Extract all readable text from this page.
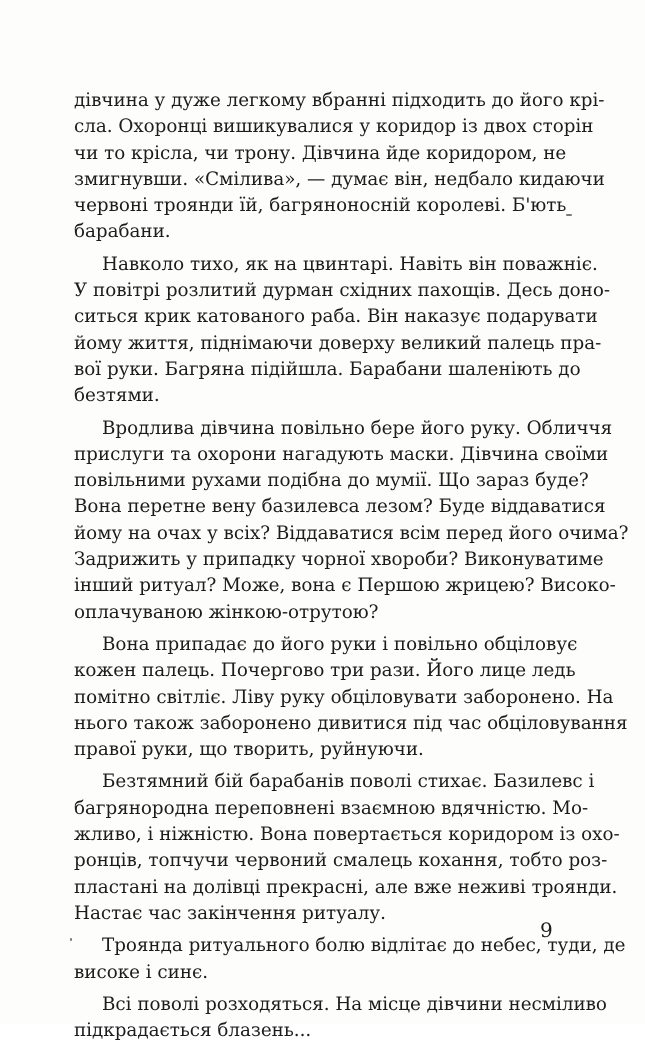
дівчина у дуже легкому вбранні підходить до його крі-
сла. Охоронці вишикувалися у коридор із двох сторін
чи то крісла, чи трону. Дівчина йде коридором, не
змигнувши. «Смілива», — думає він, недбало кидаючи
червоні троянди їй, багряноносній королеві. Б'ють
барабани.
Навколо тихо, як на цвинтарі. Навіть він поважніє.
У повітрі розлитий дурман східних пахощів. Десь доно-
ситься крик катованого раба. Він наказує подарувати
йому життя, піднімаючи доверху великий палець пра-
вої руки. Багряна підійшла. Барабани шаленіють до
безтями.
Вродлива дівчина повільно бере його руку. Обличчя
прислуги та охорони нагадують маски. Дівчина своїми
повільними рухами подібна до мумії. Що зараз буде?
Вона перетне вену базилевса лезом? Буде віддаватися
йому на очах у всіх? Віддаватися всім перед його очима?
Задрижить у припадку чорної хвороби? Виконуватиме
інший ритуал? Може, вона є Першою жрицею? Високо-
оплачуваною жінкою-отрутою?
Вона припадає до його руки і повільно обціловує
кожен палець. Почергово три рази. Його лице ледь
помітно світліє. Ліву руку обціловувати заборонено. На
нього також заборонено дивитися під час обціловування
правої руки, що творить, руйнуючи.
Безтямний бій барабанів поволі стихає. Базилевс і
багрянородна переповнені взаємною вдячністю. Мо-
жливо, і ніжністю. Вона повертається коридором із охо-
ронців, топчучи червоний смалець кохання, тобто роз-
пластані на долівці прекрасні, але вже неживі троянди.
Настає час закінчення ритуалу.
Троянда ритуального болю відлітає до небес, туди, де
високе і синє.
Всі поволі розходяться. На місце дівчини несміливо
підкрадається блазень...
9
